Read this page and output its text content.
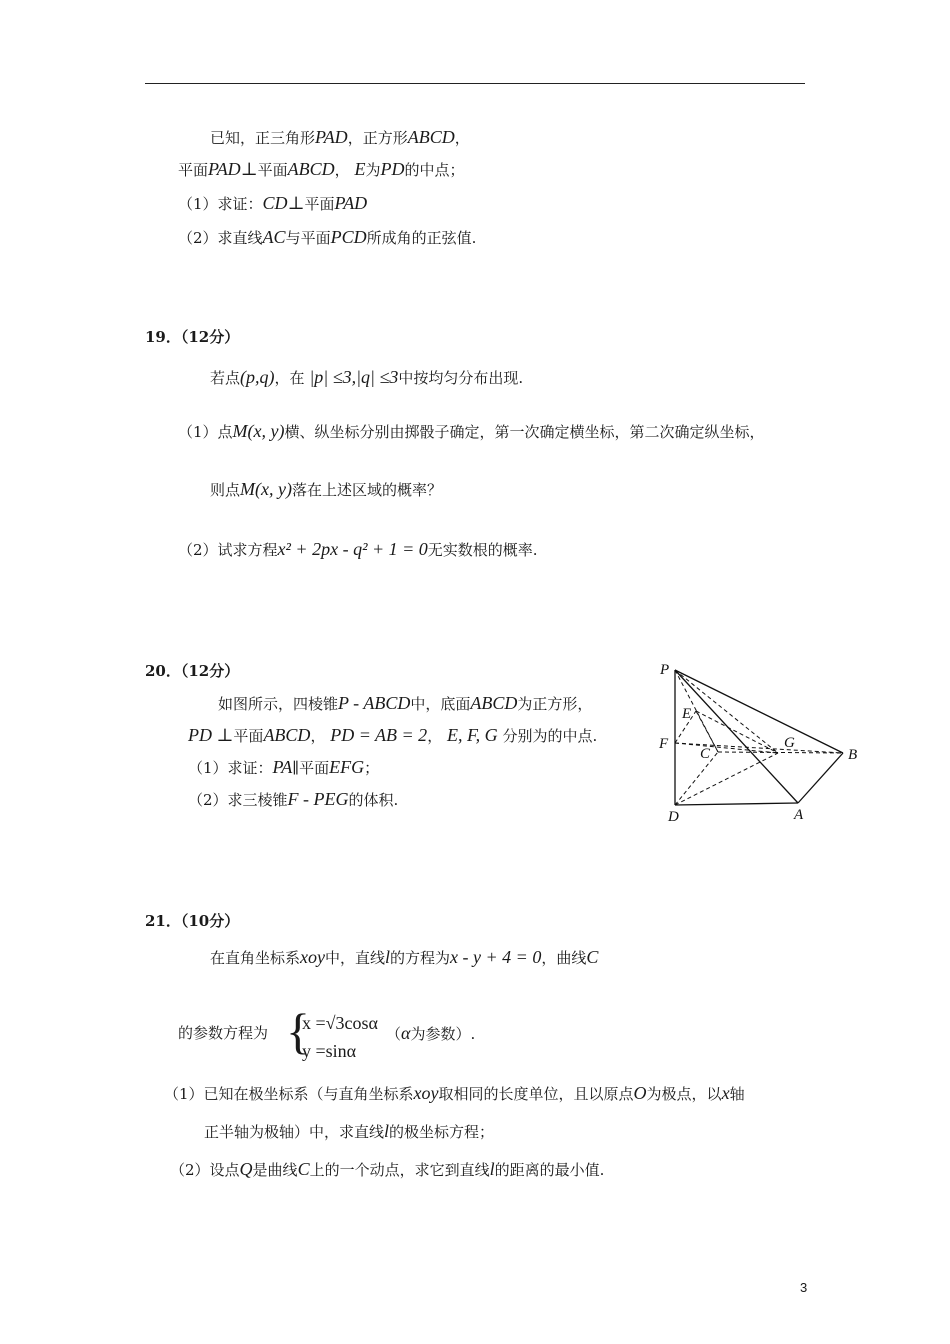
已知，正三角形PAD，正方形ABCD，
平面PAD⊥平面ABCD， E为PD的中点；
（1）求证：CD⊥平面PAD
（2）求直线AC与平面PCD所成角的正弦值.
19．（12分）
若点(p,q)，在 |p| ≤3,|q| ≤3中按均匀分布出现.
（1）点M(x, y)横、纵坐标分别由掷骰子确定，第一次确定横坐标，第二次确定纵坐标，
则点M(x, y)落在上述区域的概率？
（2）试求方程x² + 2px - q² + 1 = 0无实数根的概率.
20．（12分）
如图所示，四棱锥P - ABCD中，底面ABCD为正方形，
PD ⊥平面ABCD， PD = AB = 2， E, F, G 分别为的中点.
（1）求证：PA∥平面EFG；
（2）求三棱锥F - PEG的体积.
P
E
F
C
G
B
D	A
21．（10分）
在直角坐标系xoy中，直线l的方程为x - y + 4 = 0，曲线C
的参数方程为 {
x =√3cosα
y =sinα
（α为参数）.
（1）已知在极坐标系（与直角坐标系xoy取相同的长度单位，且以原点O为极点，以x轴
正半轴为极轴）中，求直线l的极坐标方程；
（2）设点Q是曲线C上的一个动点，求它到直线l的距离的最小值.
3
